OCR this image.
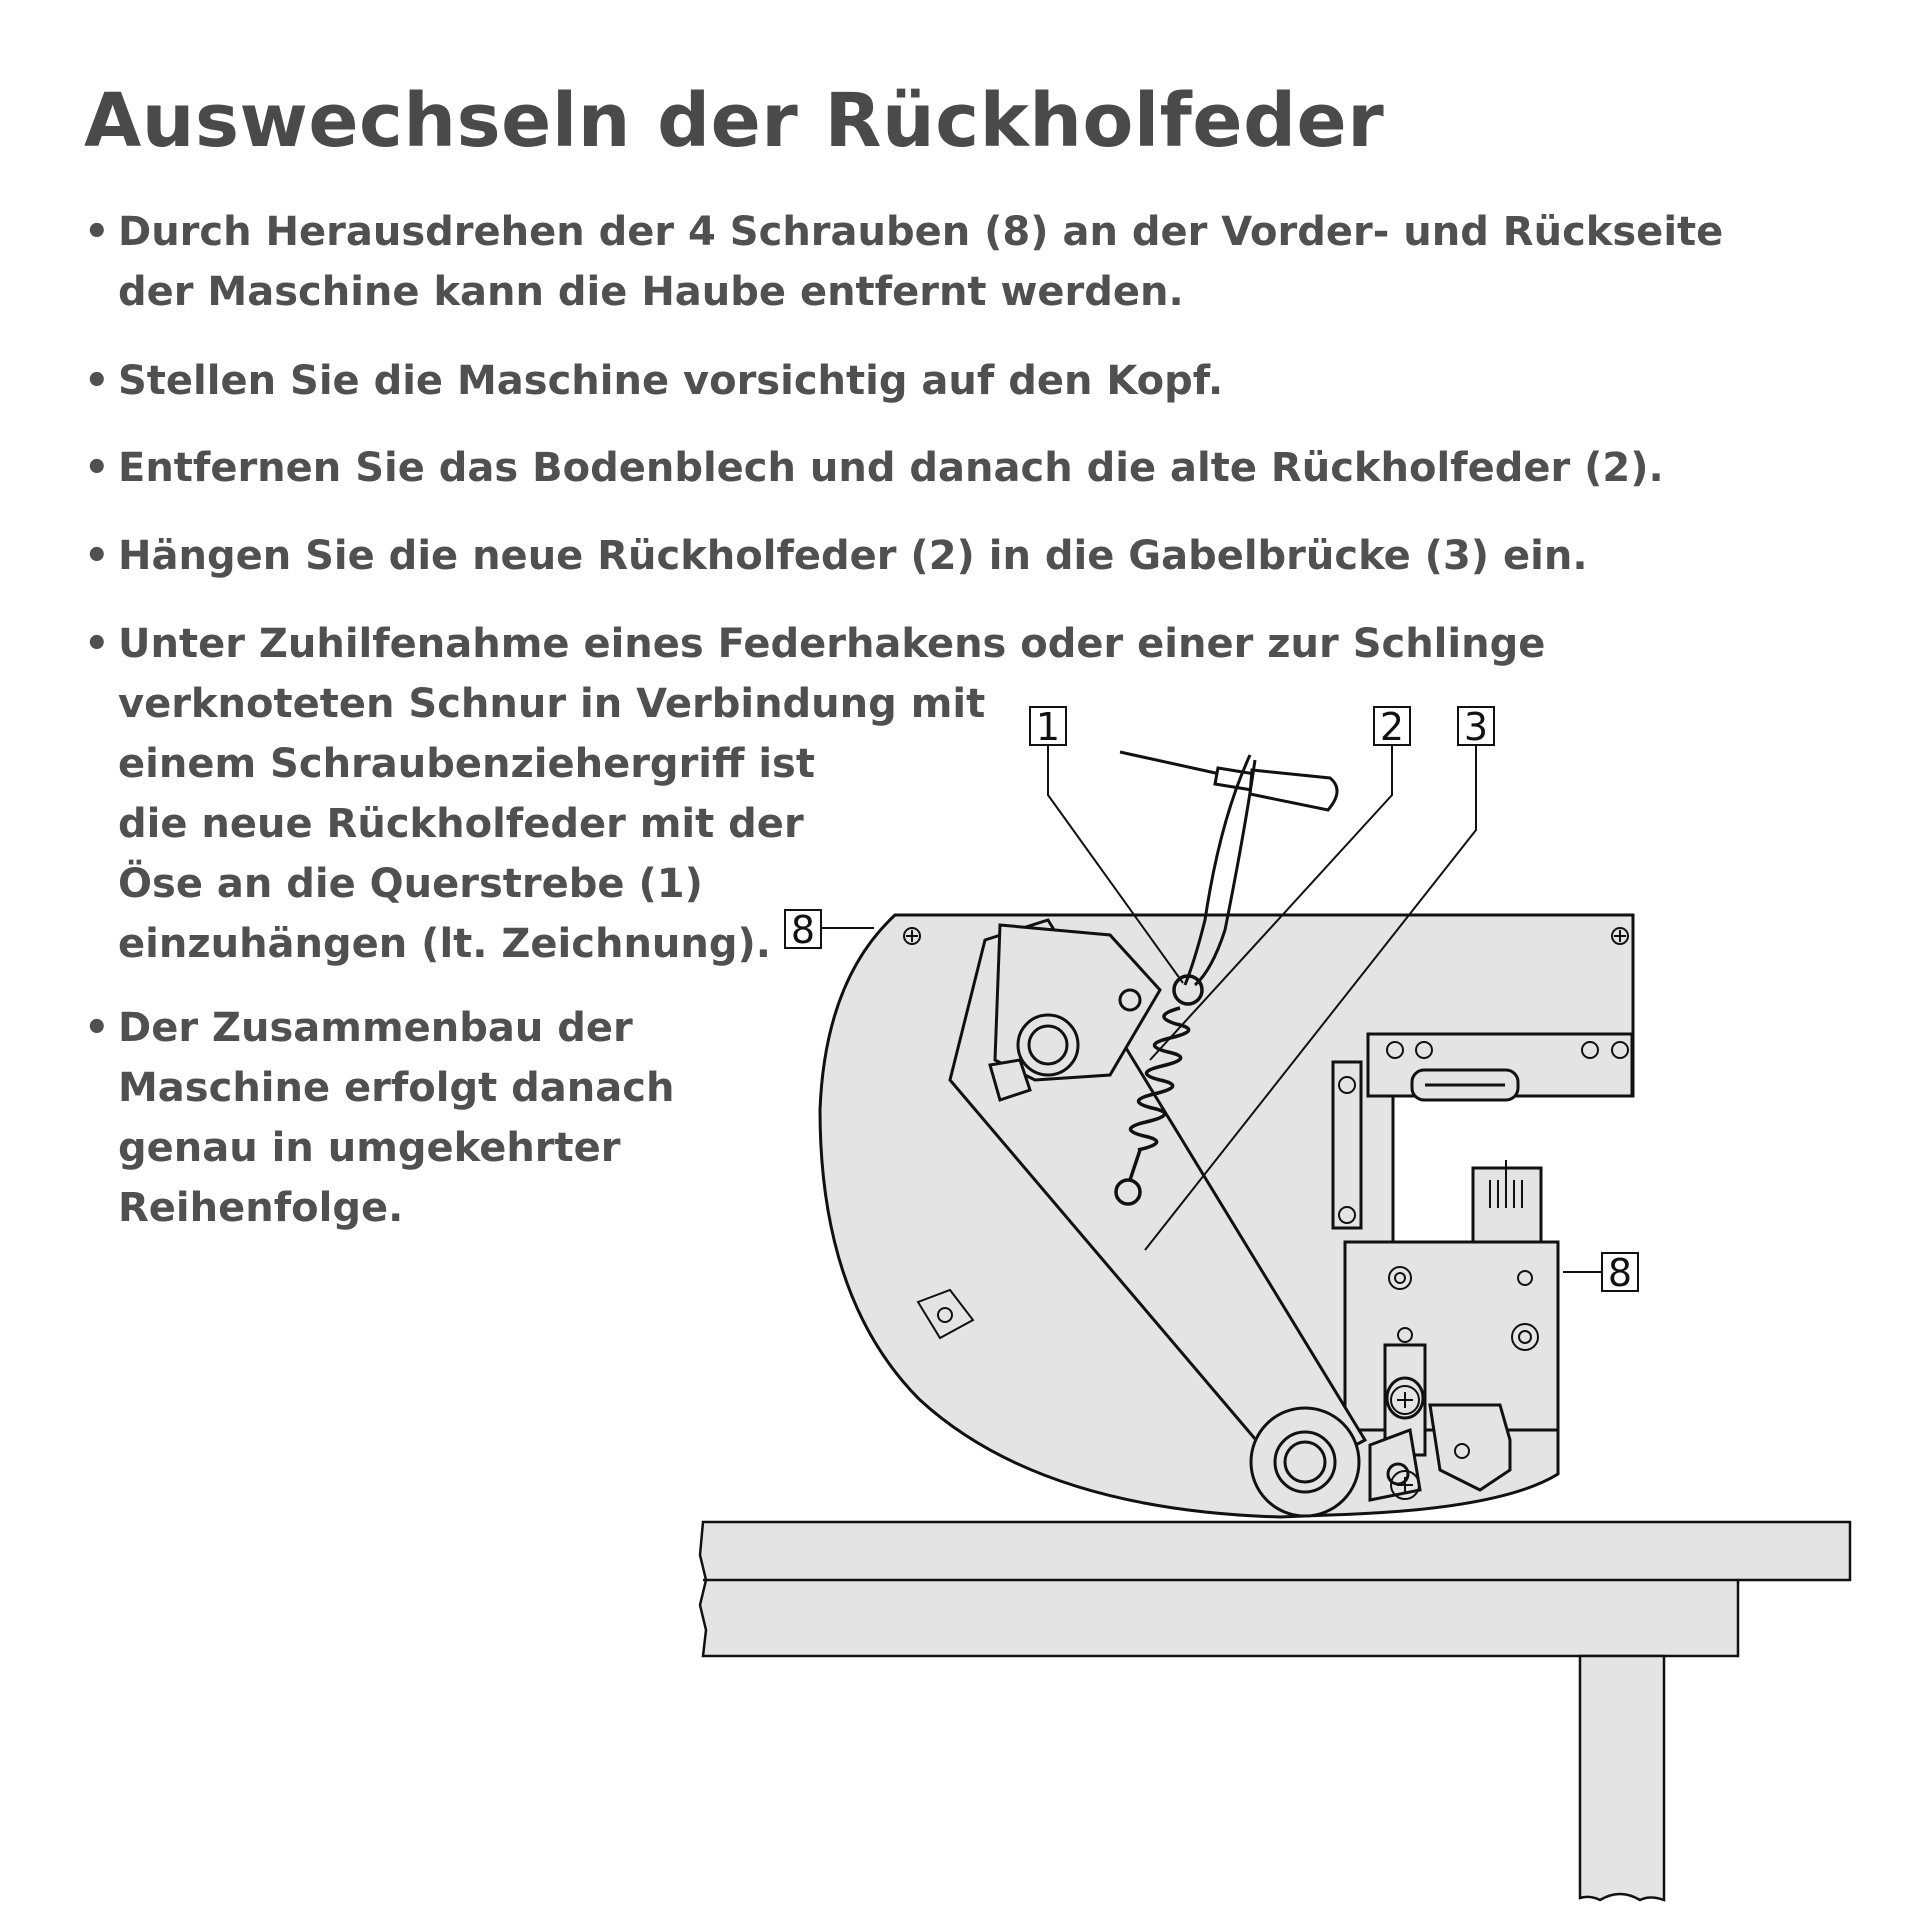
Auswechseln der Rückholfeder
• Durch Herausdrehen der 4 Schrauben (8) an der Vorder- und Rückseite
der Maschine kann die Haube entfernt werden.
• Stellen Sie die Maschine vorsichtig auf den Kopf.
• Entfernen Sie das Bodenblech und danach die alte Rückholfeder (2).
• Hängen Sie die neue Rückholfeder (2) in die Gabelbrücke (3) ein.
• Unter Zuhilfenahme eines Federhakens oder einer zur Schlinge
verknoteten Schnur in Verbindung mit
einem Schraubenziehergriff ist
die neue Rückholfeder mit der
Öse an die Querstrebe (1)
einzuhängen (lt. Zeichnung).
• Der Zusammenbau der
Maschine erfolgt danach
genau in umgekehrter
Reihenfolge.
1	2 3
8
8
